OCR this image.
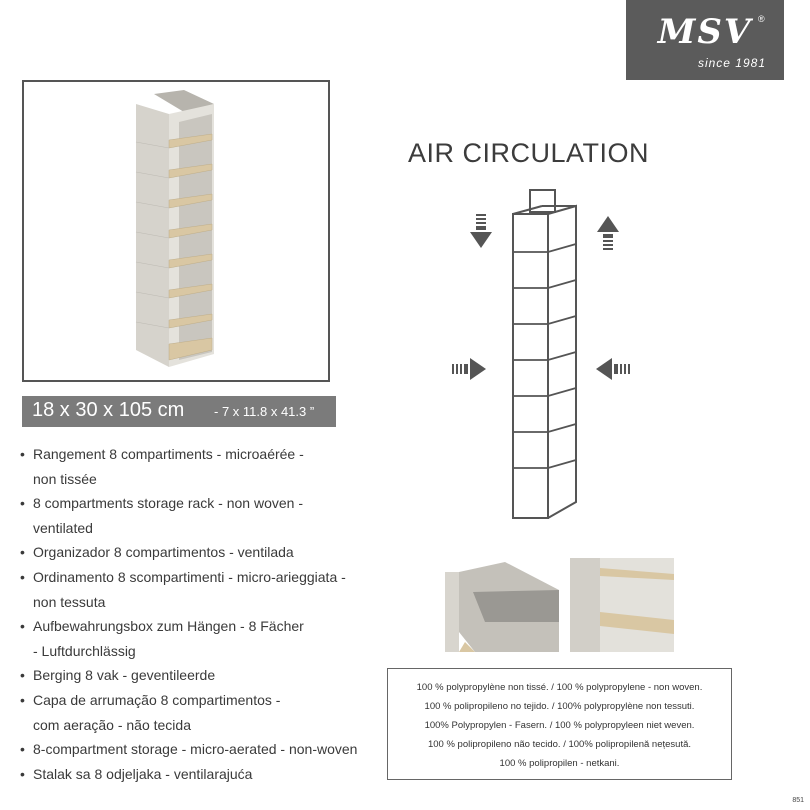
MSV ®
since 1981
18 x 30 x 105 cm - 7 x 11.8 x 41.3 ”
• Rangement 8 compartiments - microaérée -
non tissée
• 8 compartments storage rack - non woven -
ventilated
• Organizador 8 compartimentos - ventilada
• Ordinamento 8 scompartimenti - micro-arieggiata -
non tessuta
• Aufbewahrungsbox zum Hängen - 8 Fächer
- Luftdurchlässig
• Berging 8 vak - geventileerde
• Capa de arrumação 8 compartimentos -
com aeração - não tecida
• 8-compartment storage - micro-aerated - non-woven
• Stalak sa 8 odjeljaka - ventilarajuća
AIR CIRCULATION

100 % polypropylène non tissé. / 100 % polypropylene - non woven.

100 % polipropileno no tejido. / 100% polypropylène non tessuti.

100% Polypropylen - Fasern. / 100 % polypropyleen niet weven.

100 % polipropileno não tecido. / 100% polipropilenă nețesută.

100 % polipropilen - netkani.

851
